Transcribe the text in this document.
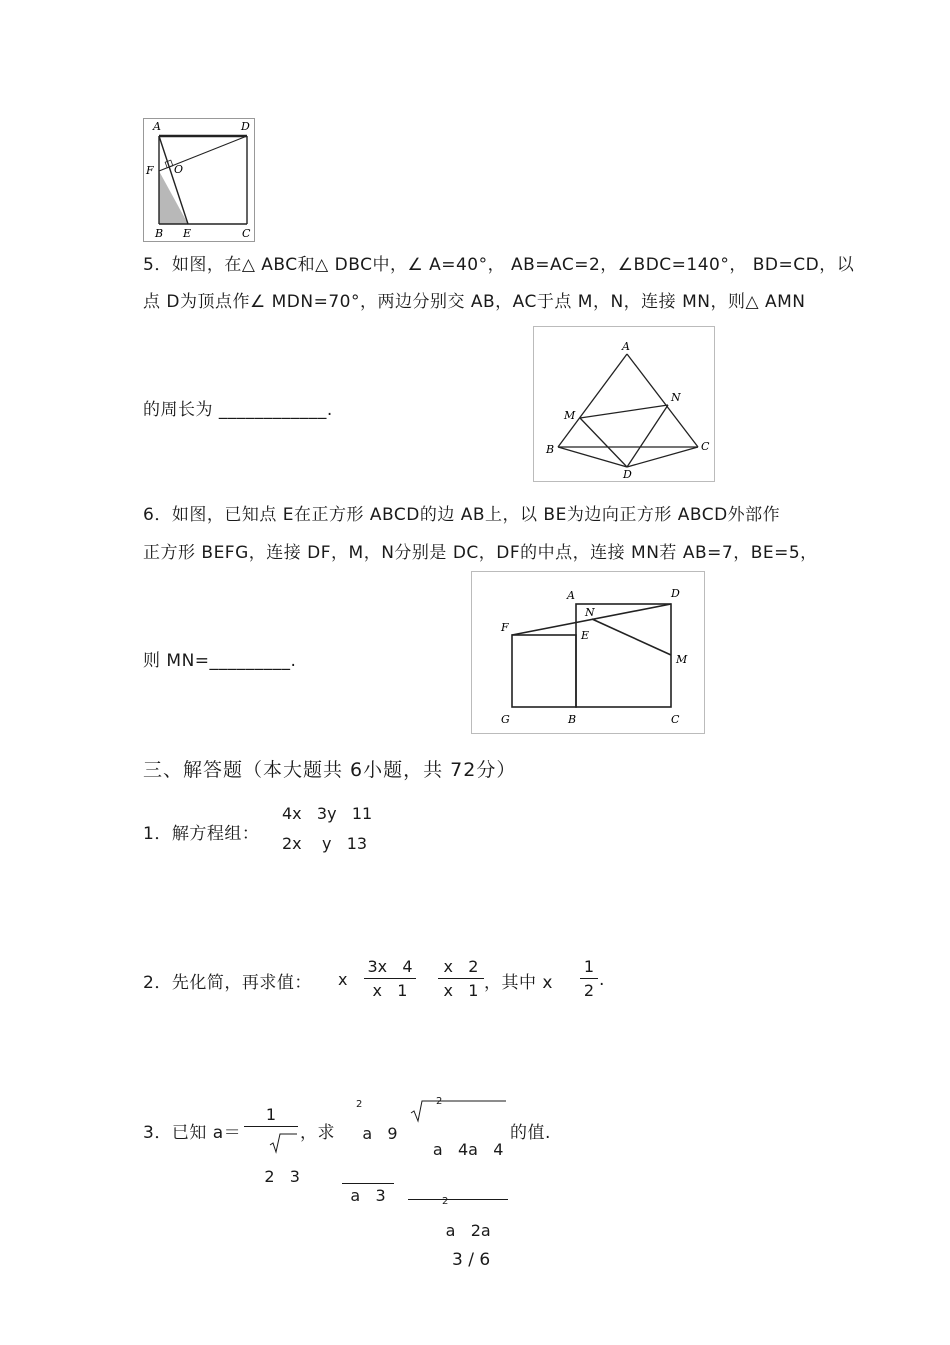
A	D
F O
B E	C
5．如图，在△ ABC和△ DBC中，∠ A=40°， AB=AC=2，∠BDC=140°， BD=CD，以
点 D为顶点作∠ MDN=70°，两边分别交 AB，AC于点 M，N，连接 MN，则△ AMN
的周长为 ____________.
A
N
M
B	C
D
6．如图，已知点 E在正方形 ABCD的边 AB上，以 BE为边向正方形 ABCD外部作
正方形 BEFG，连接 DF，M，N分别是 DC，DF的中点，连接 MN若 AB=7，BE=5，
则 MN=_________.
A
N
D
F
E
M
G	B	C
三、解答题（本大题共 6小题，共 72分）
1．解方程组：
4x   3y   11
2x    y   13
2．先化简，再求值： x
3x   4
x   1
x   2
x   1 ，其中 x
1
2
.
3．已知 a＝
1

2   3

，求	a   9

2

a   3

a   4a   4

2

a   2a

2

的值.
3 / 6
